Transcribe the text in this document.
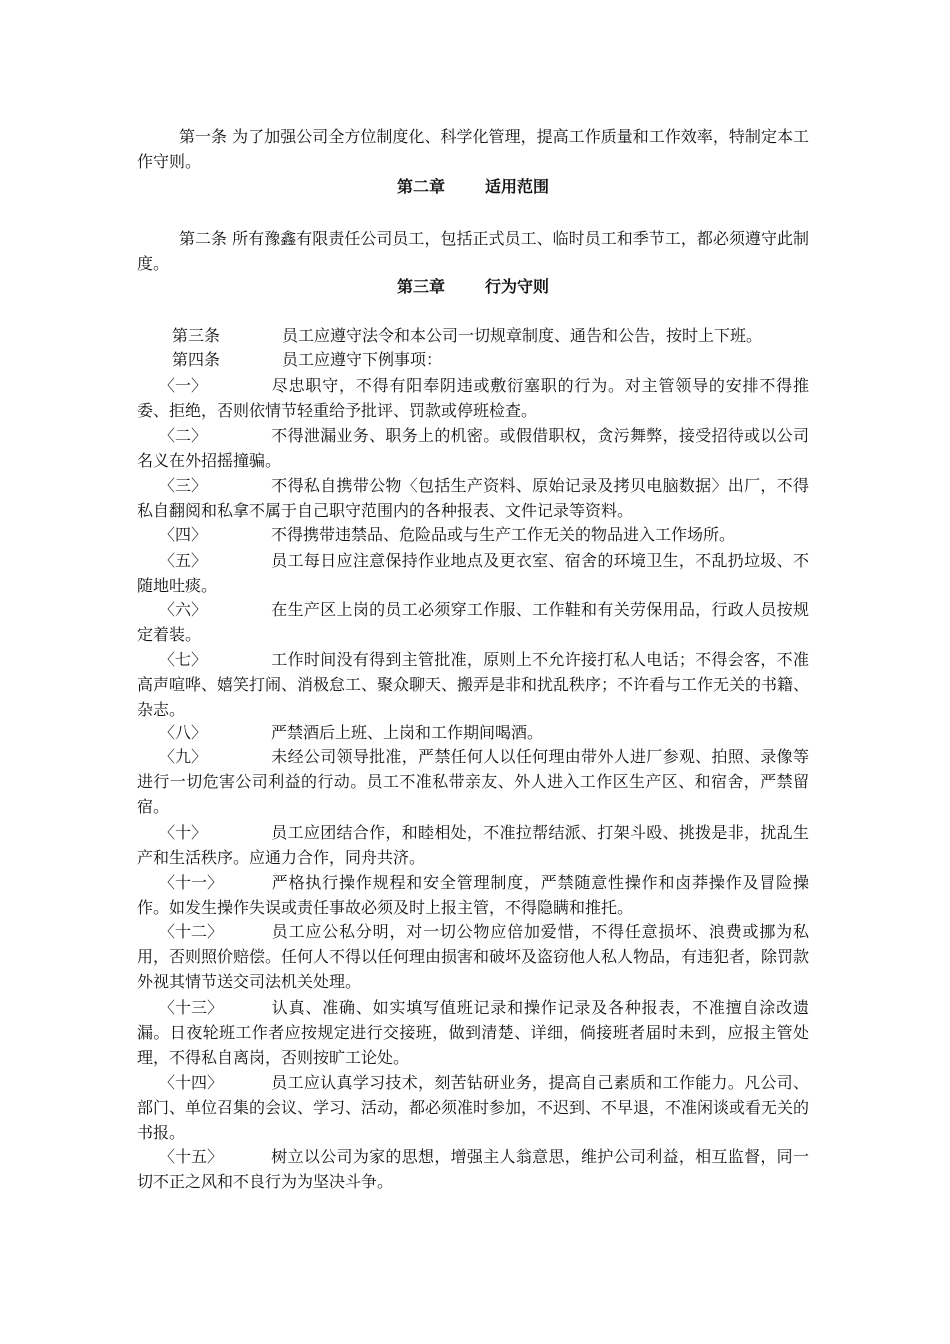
第一条 为了加强公司全方位制度化、科学化管理，提高工作质量和工作效率，特制定本工作守则。

第二章	适用范围

第二条 所有豫鑫有限责任公司员工，包括正式员工、临时员工和季节工，都必须遵守此制度。

第三章	行为守则
第三条	员工应遵守法令和本公司一切规章制度、通告和公告，按时上下班。
第四条	员工应遵守下例事项：

〈一〉	尽忠职守，不得有阳奉阴违或敷衍塞职的行为。对主管领导的安排不得推委、拒绝，否则依情节轻重给予批评、罚款或停班检查。

〈二〉	不得泄漏业务、职务上的机密。或假借职权，贪污舞弊，接受招待或以公司名义在外招摇撞骗。

〈三〉	不得私自携带公物〈包括生产资料、原始记录及拷贝电脑数据〉出厂，不得私自翻阅和私拿不属于自己职守范围内的各种报表、文件记录等资料。

〈四〉	不得携带违禁品、危险品或与生产工作无关的物品进入工作场所。

〈五〉	员工每日应注意保持作业地点及更衣室、宿舍的环境卫生，不乱扔垃圾、不随地吐痰。

〈六〉	在生产区上岗的员工必须穿工作服、工作鞋和有关劳保用品，行政人员按规定着装。

〈七〉	工作时间没有得到主管批准，原则上不允许接打私人电话；不得会客，不准高声喧哗、嬉笑打闹、消极怠工、聚众聊天、搬弄是非和扰乱秩序；不许看与工作无关的书籍、杂志。

〈八〉	严禁酒后上班、上岗和工作期间喝酒。

〈九〉	未经公司领导批准，严禁任何人以任何理由带外人进厂参观、拍照、录像等进行一切危害公司利益的行动。员工不准私带亲友、外人进入工作区生产区、和宿舍，严禁留宿。

〈十〉	员工应团结合作，和睦相处，不准拉帮结派、打架斗殴、挑拨是非，扰乱生产和生活秩序。应通力合作，同舟共济。

〈十一〉	严格执行操作规程和安全管理制度，严禁随意性操作和卤莽操作及冒险操作。如发生操作失误或责任事故必须及时上报主管，不得隐瞒和推托。

〈十二〉	员工应公私分明，对一切公物应倍加爱惜，不得任意损坏、浪费或挪为私用，否则照价赔偿。任何人不得以任何理由损害和破坏及盗窃他人私人物品，有违犯者，除罚款外视其情节送交司法机关处理。

〈十三〉	认真、准确、如实填写值班记录和操作记录及各种报表，不准擅自涂改遗漏。日夜轮班工作者应按规定进行交接班，做到清楚、详细，倘接班者届时未到，应报主管处理，不得私自离岗，否则按旷工论处。

〈十四〉	员工应认真学习技术，刻苦钻研业务，提高自己素质和工作能力。凡公司、部门、单位召集的会议、学习、活动，都必须准时参加，不迟到、不早退，不准闲谈或看无关的书报。

〈十五〉	树立以公司为家的思想，增强主人翁意思，维护公司利益，相互监督，同一切不正之风和不良行为为坚决斗争。
